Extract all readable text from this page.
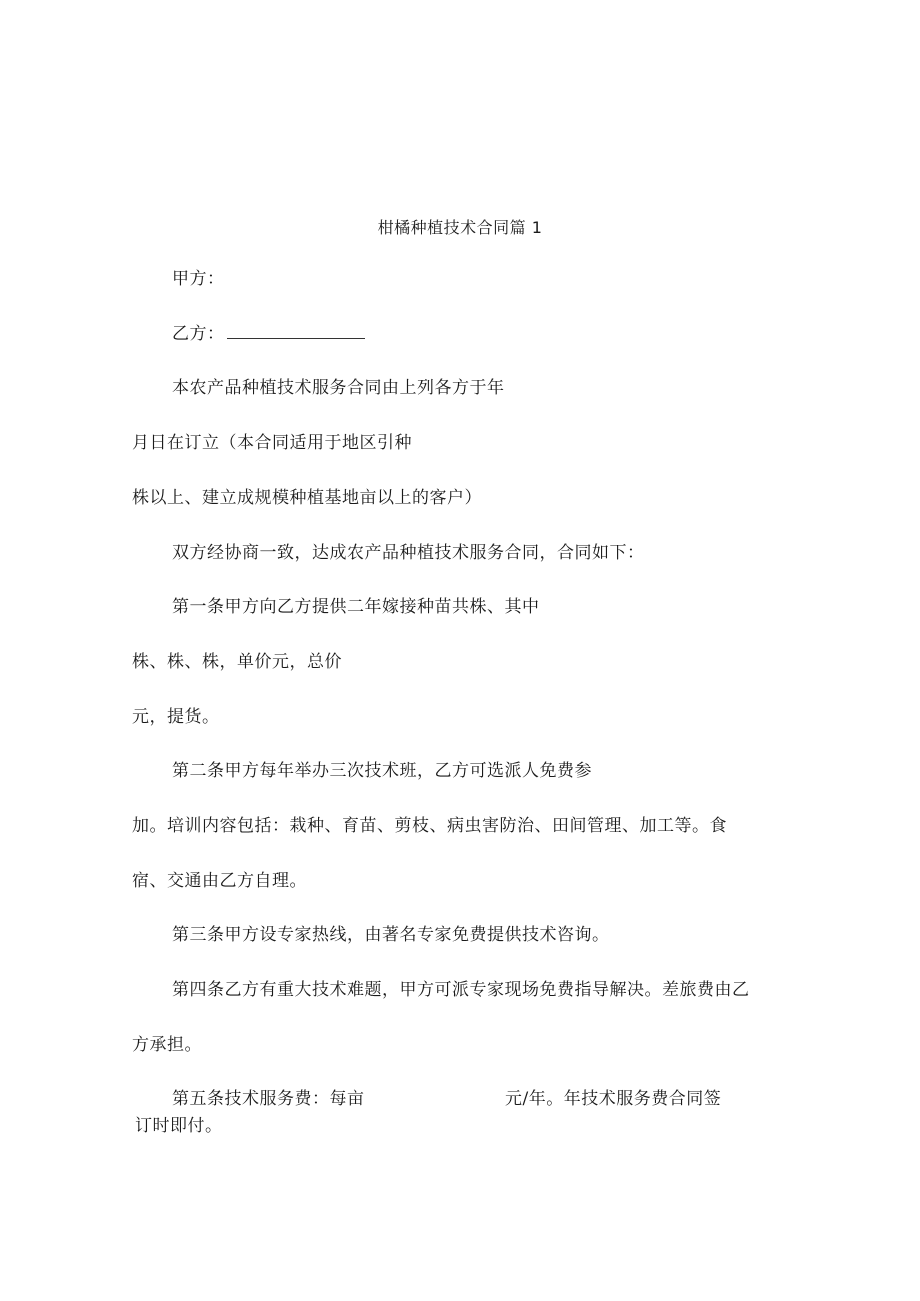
柑橘种植技术合同篇 1
甲方：
乙方：
本农产品种植技术服务合同由上列各方于年
月日在订立（本合同适用于地区引种
株以上、建立成规模种植基地亩以上的客户）
双方经协商一致，达成农产品种植技术服务合同，合同如下：
第一条甲方向乙方提供二年嫁接种苗共株、其中
株、株、株，单价元，总价
元，提货。
第二条甲方每年举办三次技术班，乙方可选派人免费参
加。培训内容包括：栽种、育苗、剪枝、病虫害防治、田间管理、加工等。食
宿、交通由乙方自理。
第三条甲方设专家热线，由著名专家免费提供技术咨询。
第四条乙方有重大技术难题，甲方可派专家现场免费指导解决。差旅费由乙
方承担。
第五条技术服务费：每亩	元/年。年技术服务费合同签
订时即付。
